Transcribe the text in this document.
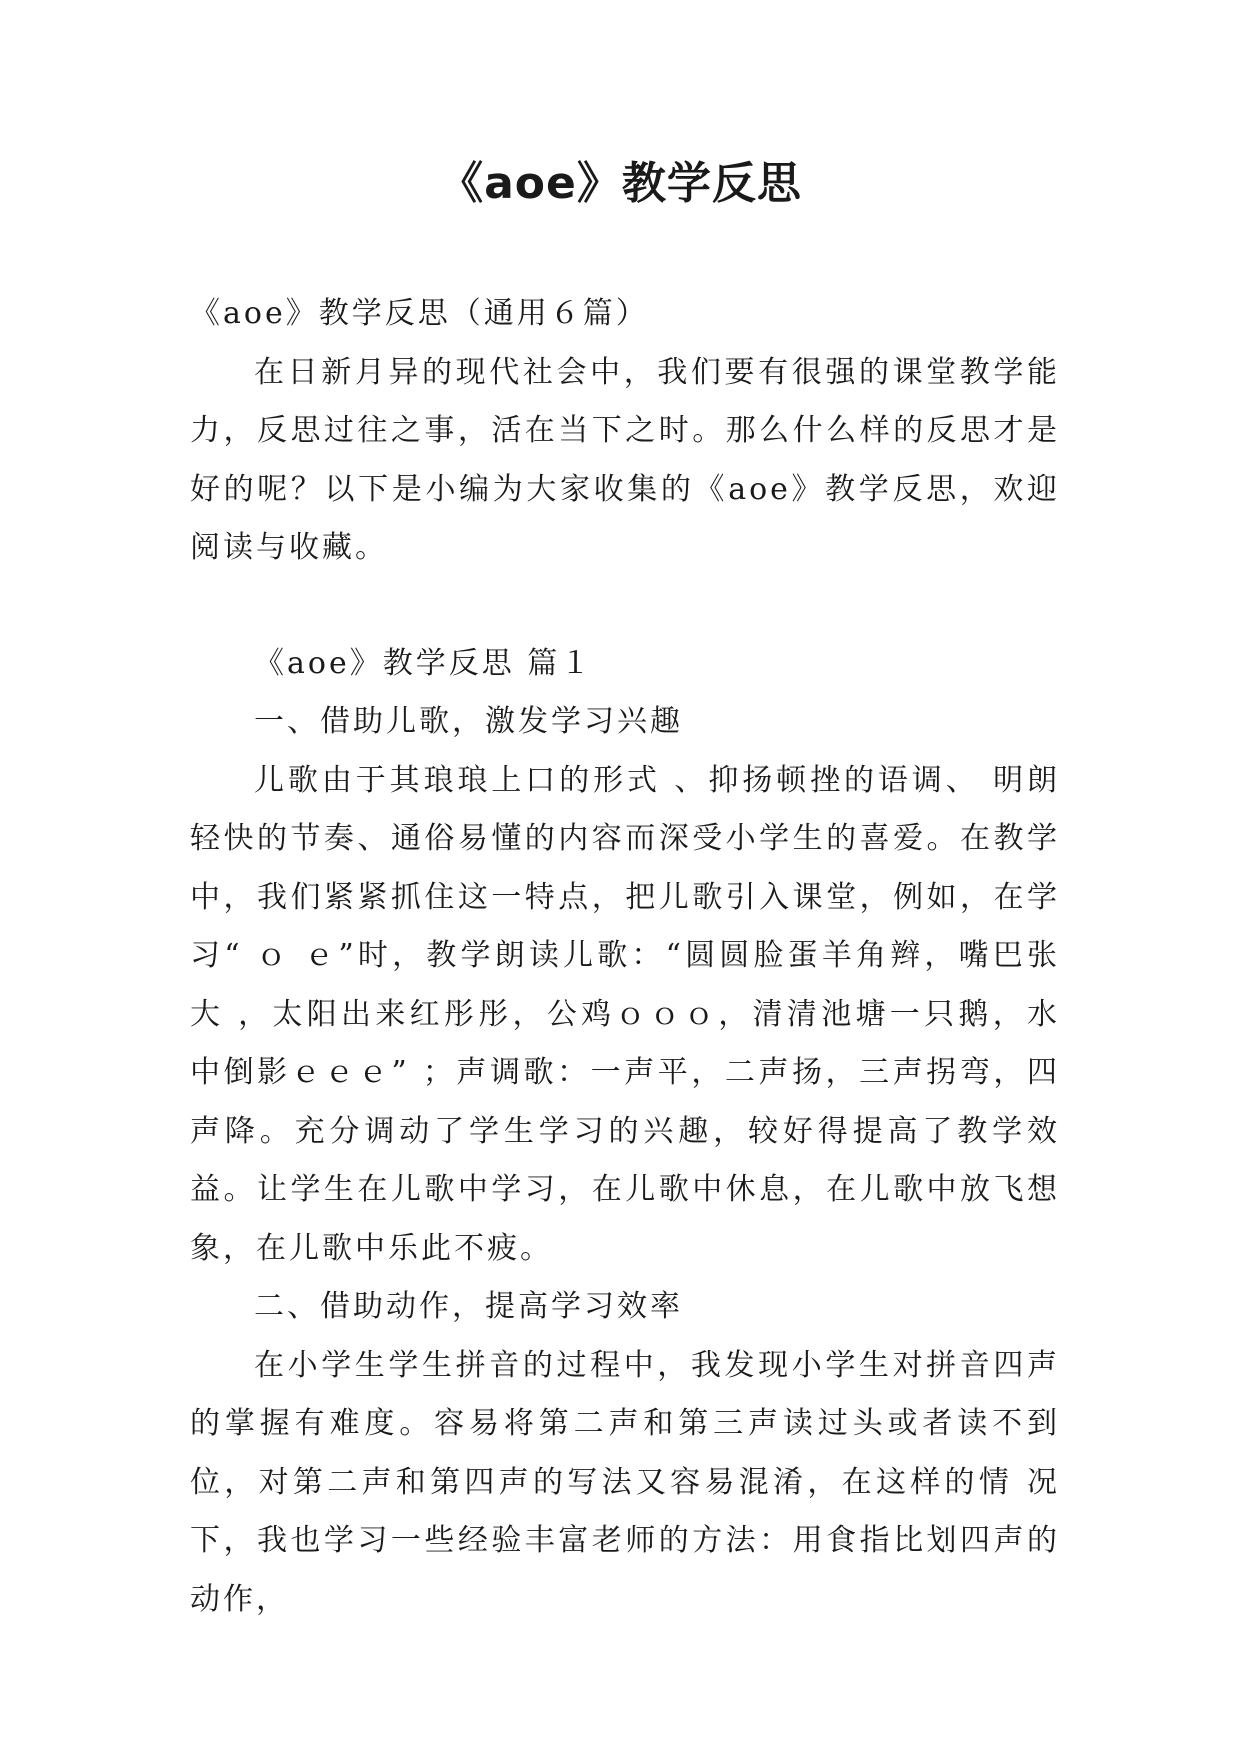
《aoe》教学反思

《aoe》教学反思（通用６篇）

在日新月异的现代社会中，我们要有很强的课堂教学能力，反思过往之事，活在当下之时。那么什么样的反思才是好的呢？以下是小编为大家收集的《aoe》教学反思，欢迎阅读与收藏。

《aoe》教学反思 篇１

一、借助儿歌，激发学习兴趣

儿歌由于其琅琅上口的形式 、抑扬顿挫的语调、 明朗轻快的节奏、通俗易懂的内容而深受小学生的喜爱。在教学中，我们紧紧抓住这一特点，把儿歌引入课堂，例如，在学习“ ｏ ｅ”时，教学朗读儿歌：“圆圆脸蛋羊角辫，嘴巴张大 ，太阳出来红彤彤，公鸡ｏｏｏ，清清池塘一只鹅，水中倒影ｅｅｅ” ；声调歌：一声平，二声扬，三声拐弯，四声降。充分调动了学生学习的兴趣，较好得提高了教学效益。让学生在儿歌中学习，在儿歌中休息，在儿歌中放飞想象，在儿歌中乐此不疲。

二、借助动作，提高学习效率

在小学生学生拼音的过程中，我发现小学生对拼音四声的掌握有难度。容易将第二声和第三声读过头或者读不到位，对第二声和第四声的写法又容易混淆，在这样的情 况下，我也学习一些经验丰富老师的方法：用食指比划四声的动作，
